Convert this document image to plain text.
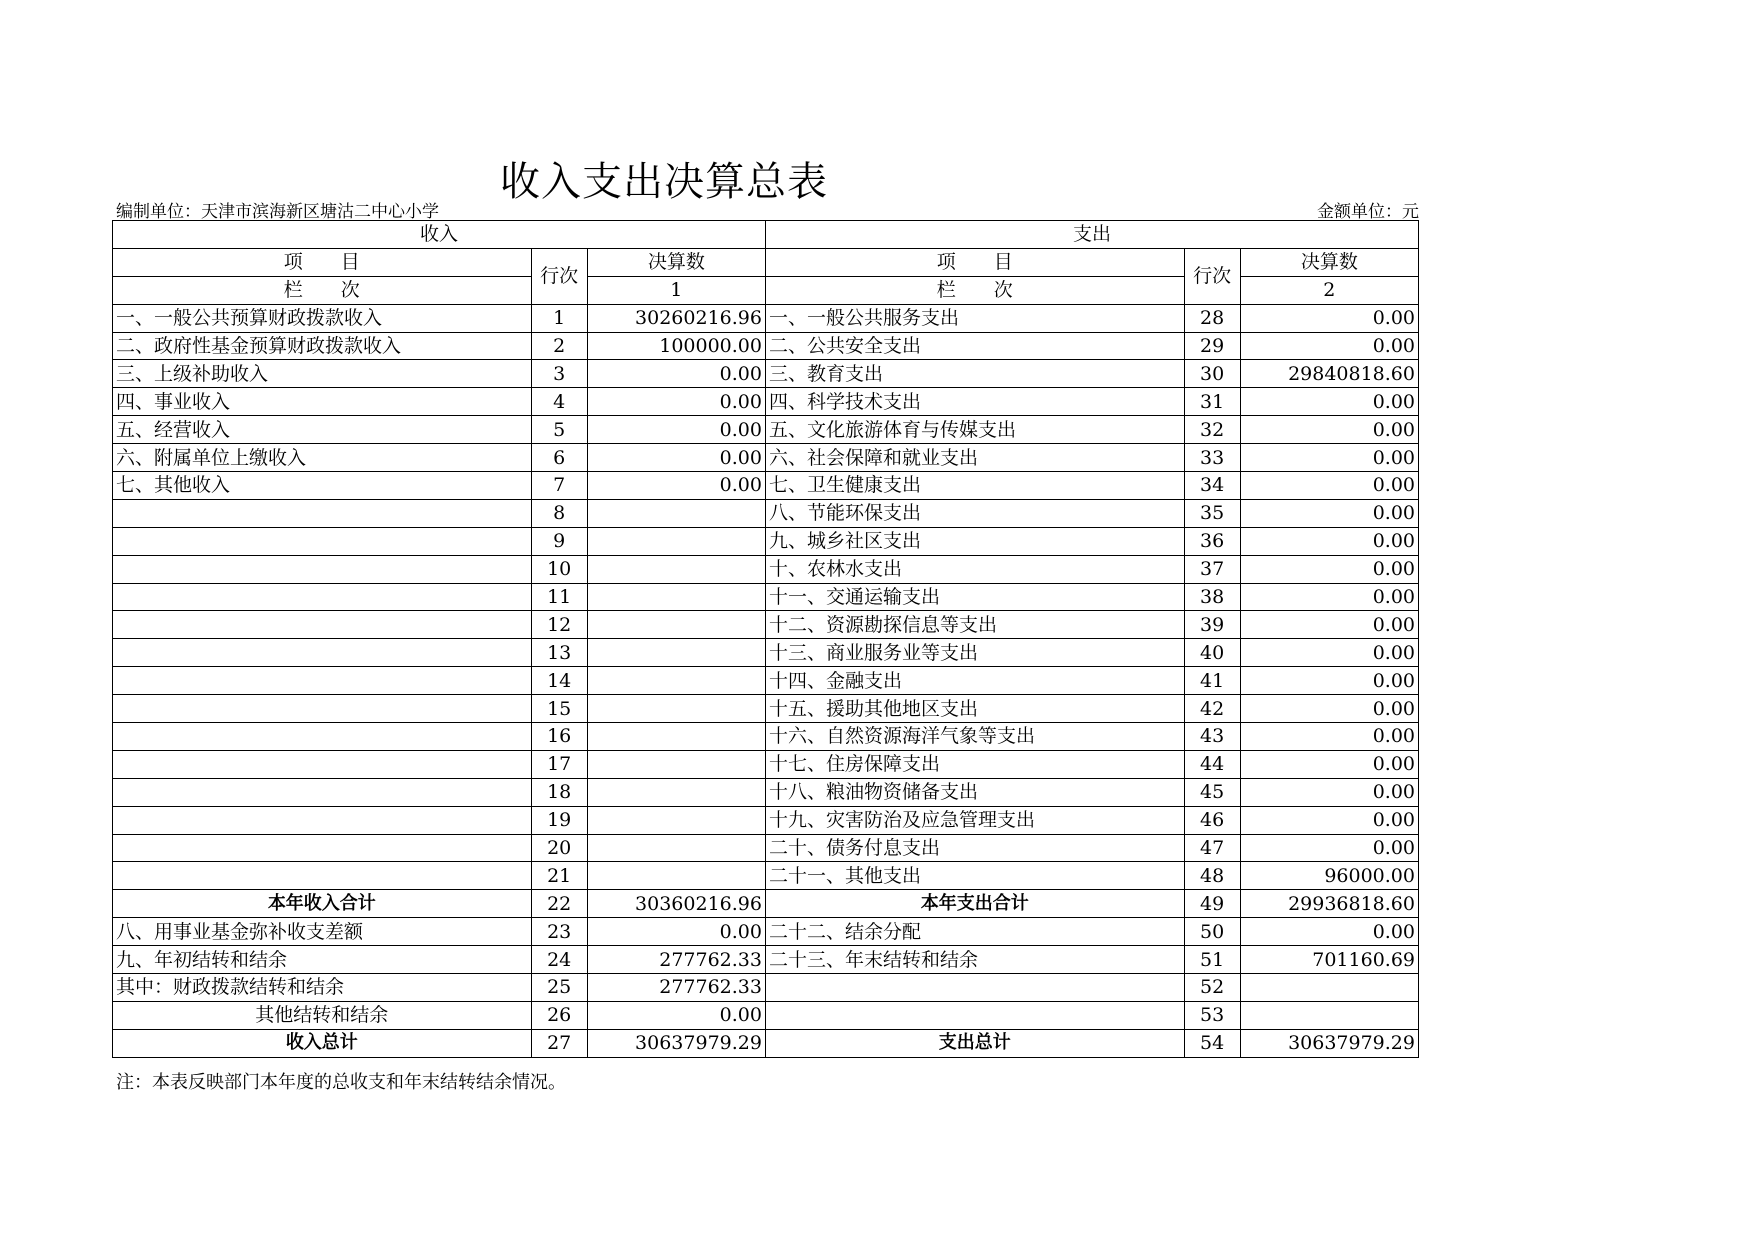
收入支出决算总表
编制单位：天津市滨海新区塘沽二中心小学	金额单位：元
收入			支出		
项　　目	行次	决算数	项　　目	行次	决算数
栏　　次		1	栏　　次		2
一、一般公共预算财政拨款收入	1	30260216.96	一、一般公共服务支出	28	0.00
二、政府性基金预算财政拨款收入	2	100000.00	二、公共安全支出	29	0.00
三、上级补助收入	3	0.00	三、教育支出	30	29840818.60
四、事业收入	4	0.00	四、科学技术支出	31	0.00
五、经营收入	5	0.00	五、文化旅游体育与传媒支出	32	0.00
六、附属单位上缴收入	6	0.00	六、社会保障和就业支出	33	0.00
七、其他收入	7	0.00	七、卫生健康支出	34	0.00
	8		八、节能环保支出	35	0.00
	9		九、城乡社区支出	36	0.00
	10		十、农林水支出	37	0.00
	11		十一、交通运输支出	38	0.00
	12		十二、资源勘探信息等支出	39	0.00
	13		十三、商业服务业等支出	40	0.00
	14		十四、金融支出	41	0.00
	15		十五、援助其他地区支出	42	0.00
	16		十六、自然资源海洋气象等支出	43	0.00
	17		十七、住房保障支出	44	0.00
	18		十八、粮油物资储备支出	45	0.00
	19		十九、灾害防治及应急管理支出	46	0.00
	20		二十、债务付息支出	47	0.00
	21		二十一、其他支出	48	96000.00
本年收入合计	22	30360216.96	本年支出合计	49	29936818.60
八、用事业基金弥补收支差额	23	0.00	二十二、结余分配	50	0.00
九、年初结转和结余	24	277762.33	二十三、年末结转和结余	51	701160.69
其中：财政拨款结转和结余	25	277762.33		52	
其他结转和结余	26	0.00		53	
收入总计	27	30637979.29	支出总计	54	30637979.29
注：本表反映部门本年度的总收支和年末结转结余情况。
